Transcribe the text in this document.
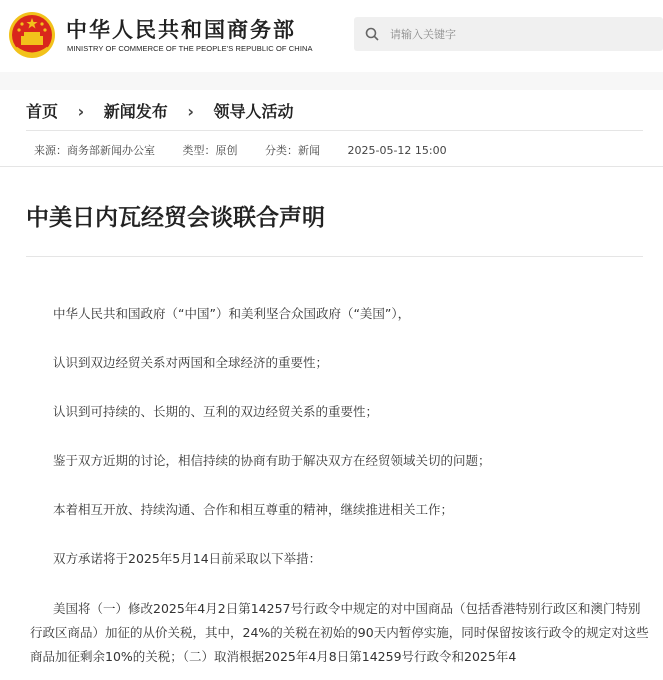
中华人民共和国商务部
MINISTRY OF COMMERCE OF THE PEOPLE'S REPUBLIC OF CHINA
请输入关键字
首页 › 新闻发布 › 领导人活动
来源：商务部新闻办公室	类型：原创	分类：新闻	2025-05-12 15:00
中美日内瓦经贸会谈联合声明

中华人民共和国政府（“中国”）和美利坚合众国政府（“美国”），

认识到双边经贸关系对两国和全球经济的重要性；

认识到可持续的、长期的、互利的双边经贸关系的重要性；

鉴于双方近期的讨论，相信持续的协商有助于解决双方在经贸领域关切的问题；

本着相互开放、持续沟通、合作和相互尊重的精神，继续推进相关工作；

双方承诺将于2025年5月14日前采取以下举措：

美国将（一）修改2025年4月2日第14257号行政令中规定的对中国商品（包括香港特别行政区和澳门特别行政区商品）加征的从价关税，其中，24%的关税在初始的90天内暂停实施，同时保留按该行政令的规定对这些商品加征剩余10%的关税；（二）取消根据2025年4月8日第14259号行政令和2025年4
